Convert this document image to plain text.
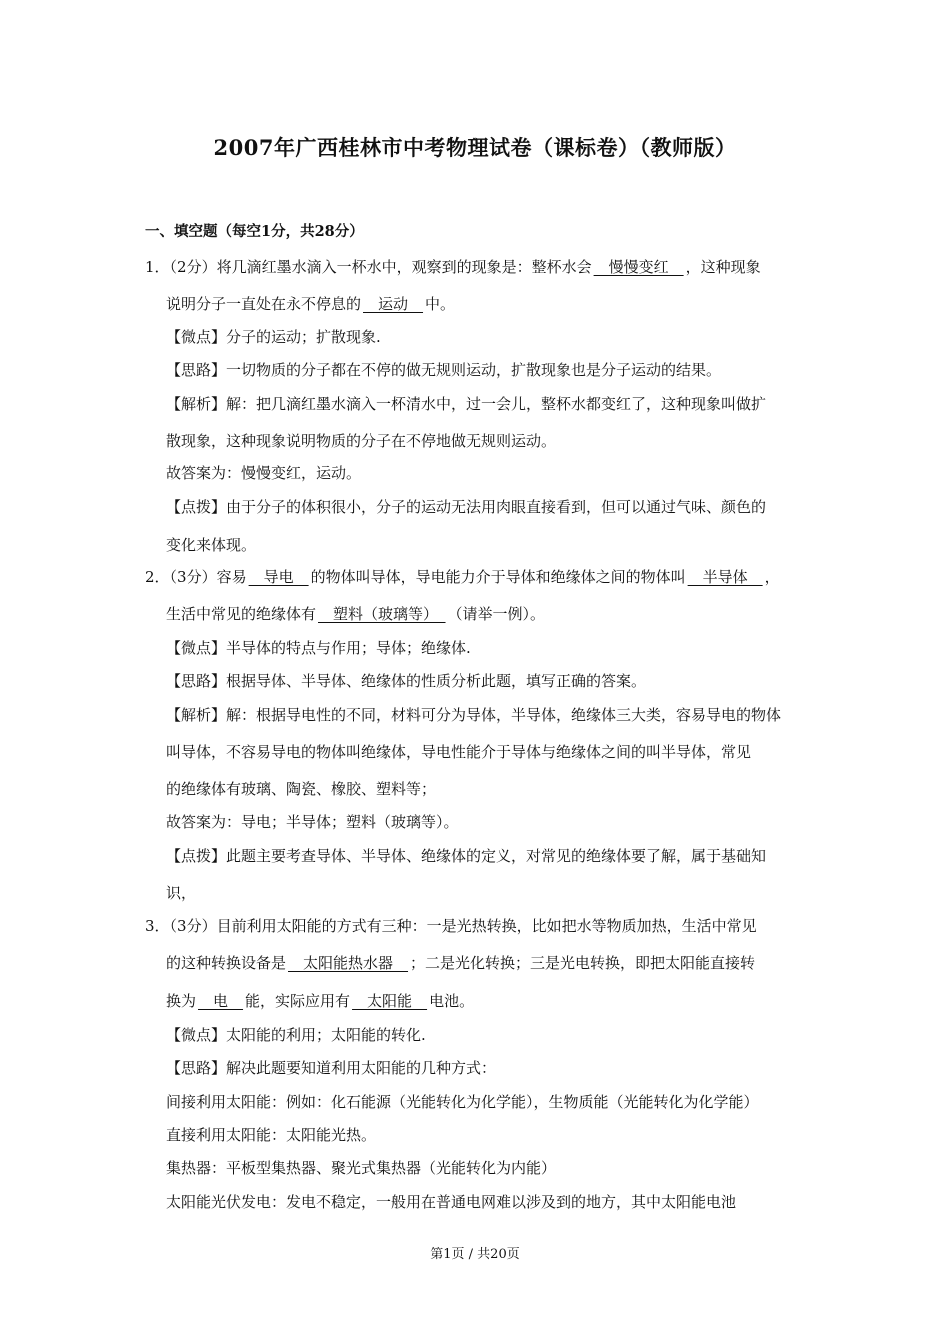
2007年广西桂林市中考物理试卷（课标卷）（教师版）
一、填空题（每空1分，共28分）
1．（2分）将几滴红墨水滴入一杯水中，观察到的现象是：整杯水会　慢慢变红　，这种现象
说明分子一直处在永不停息的　运动　中。
【微点】分子的运动；扩散现象.
【思路】一切物质的分子都在不停的做无规则运动，扩散现象也是分子运动的结果。
【解析】解：把几滴红墨水滴入一杯清水中，过一会儿，整杯水都变红了，这种现象叫做扩
散现象，这种现象说明物质的分子在不停地做无规则运动。
故答案为：慢慢变红，运动。
【点拨】由于分子的体积很小，分子的运动无法用肉眼直接看到，但可以通过气味、颜色的
变化来体现。
2．（3分）容易　导电　的物体叫导体，导电能力介于导体和绝缘体之间的物体叫　半导体　，
生活中常见的绝缘体有　塑料（玻璃等）　（请举一例）。
【微点】半导体的特点与作用；导体；绝缘体.
【思路】根据导体、半导体、绝缘体的性质分析此题，填写正确的答案。
【解析】解：根据导电性的不同，材料可分为导体，半导体，绝缘体三大类，容易导电的物体
叫导体，不容易导电的物体叫绝缘体，导电性能介于导体与绝缘体之间的叫半导体，常见
的绝缘体有玻璃、陶瓷、橡胶、塑料等；
故答案为：导电；半导体；塑料（玻璃等）。
【点拨】此题主要考查导体、半导体、绝缘体的定义，对常见的绝缘体要了解，属于基础知
识，
3．（3分）目前利用太阳能的方式有三种：一是光热转换，比如把水等物质加热，生活中常见
的这种转换设备是　太阳能热水器　；二是光化转换；三是光电转换，即把太阳能直接转
换为　电　能，实际应用有　太阳能　电池。
【微点】太阳能的利用；太阳能的转化.
【思路】解决此题要知道利用太阳能的几种方式：
间接利用太阳能：例如：化石能源（光能转化为化学能），生物质能（光能转化为化学能）
直接利用太阳能：太阳能光热。
集热器：平板型集热器、聚光式集热器（光能转化为内能）
太阳能光伏发电：发电不稳定，一般用在普通电网难以涉及到的地方，其中太阳能电池
第1页 / 共20页
